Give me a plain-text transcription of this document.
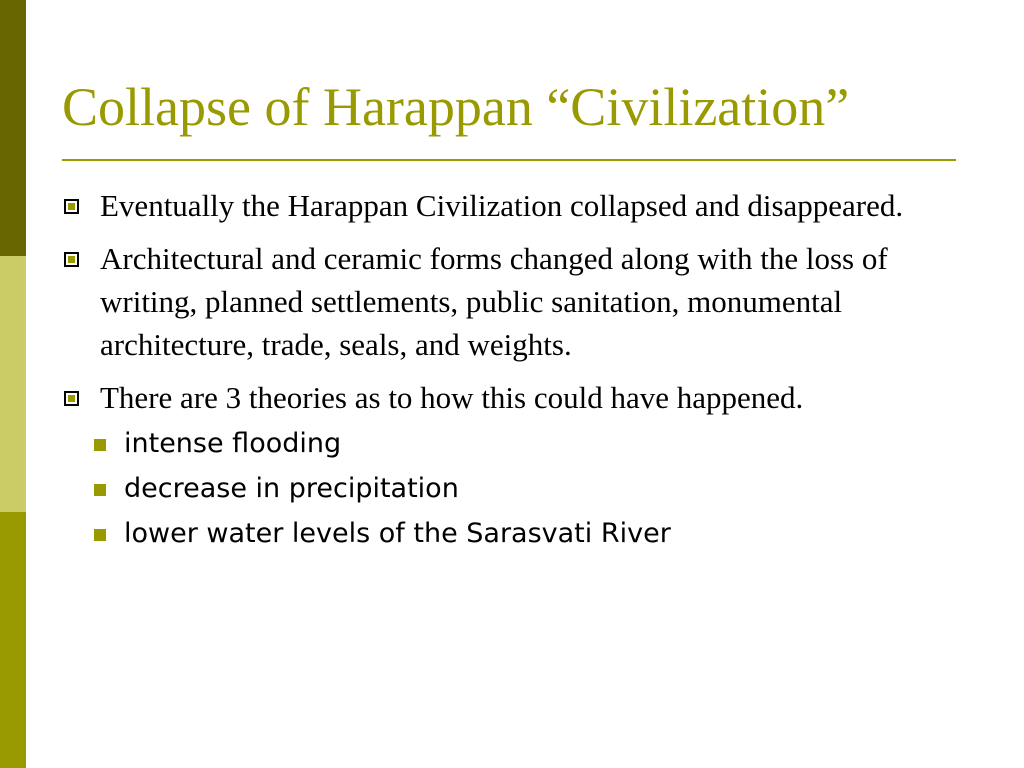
Collapse of Harappan “Civilization”
Eventually the Harappan Civilization collapsed and disappeared.
Architectural and ceramic forms changed along with the loss of writing, planned settlements, public sanitation, monumental architecture, trade, seals, and weights.
There are 3 theories as to how this could have happened.
intense flooding
decrease in precipitation
lower water levels of the Sarasvati River
